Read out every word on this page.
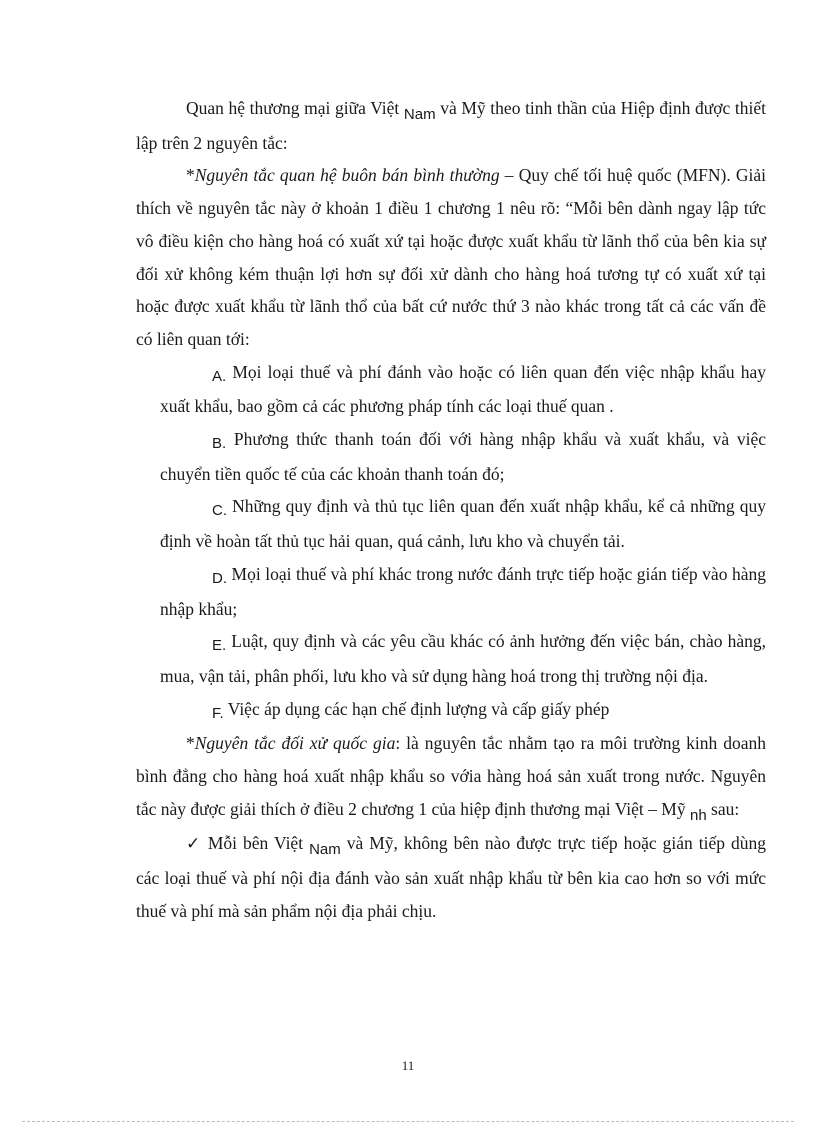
Quan hệ thương mại giữa Việt Nam và Mỹ theo tinh thần của Hiệp định được thiết lập trên 2 nguyên tắc:

*Nguyên tắc quan hệ buôn bán bình thường – Quy chế tối huệ quốc (MFN). Giải thích về nguyên tắc này ở khoản 1 điều 1 chương 1 nêu rõ: “Mỗi bên dành ngay lập tức vô điều kiện cho hàng hoá có xuất xứ tại hoặc được xuất khẩu từ lãnh thổ của bên kia sự đối xử không kém thuận lợi hơn sự đối xử dành cho hàng hoá tương tự có xuất xứ tại hoặc được xuất khẩu từ lãnh thổ của bất cứ nước thứ 3 nào khác trong tất cả các vấn đề có liên quan tới:

A. Mọi loại thuế và phí đánh vào hoặc có liên quan đến việc nhập khẩu hay xuất khẩu, bao gồm cả các phương pháp tính các loại thuế quan .

B. Phương thức thanh toán đối với hàng nhập khẩu và xuất khẩu, và việc chuyển tiền quốc tế của các khoản thanh toán đó;

C. Những quy định và thủ tục liên quan đến xuất nhập khẩu, kể cả những quy định về hoàn tất thủ tục hải quan, quá cảnh, lưu kho và chuyển tải.

D. Mọi loại thuế và phí khác trong nước đánh trực tiếp hoặc gián tiếp vào hàng nhập khẩu;

E. Luật, quy định và các yêu cầu khác có ảnh hưởng đến việc bán, chào hàng, mua, vận tải, phân phối, lưu kho và sử dụng hàng hoá trong thị trường nội địa.

F. Việc áp dụng các hạn chế định lượng và cấp giấy phép

*Nguyên tắc đối xử quốc gia: là nguyên tắc nhằm tạo ra môi trường kinh doanh bình đẳng cho hàng hoá xuất nhập khẩu so vớia hàng hoá sản xuất trong nước. Nguyên tắc này được giải thích ở điều 2 chương 1 của hiệp định thương mại Việt – Mỹ nh sau:

✓ Mỗi bên Việt Nam và Mỹ, không bên nào được trực tiếp hoặc gián tiếp dùng các loại thuế và phí nội địa đánh vào sản xuất nhập khẩu từ bên kia cao hơn so với mức thuế và phí mà sản phẩm nội địa phải chịu.

11
